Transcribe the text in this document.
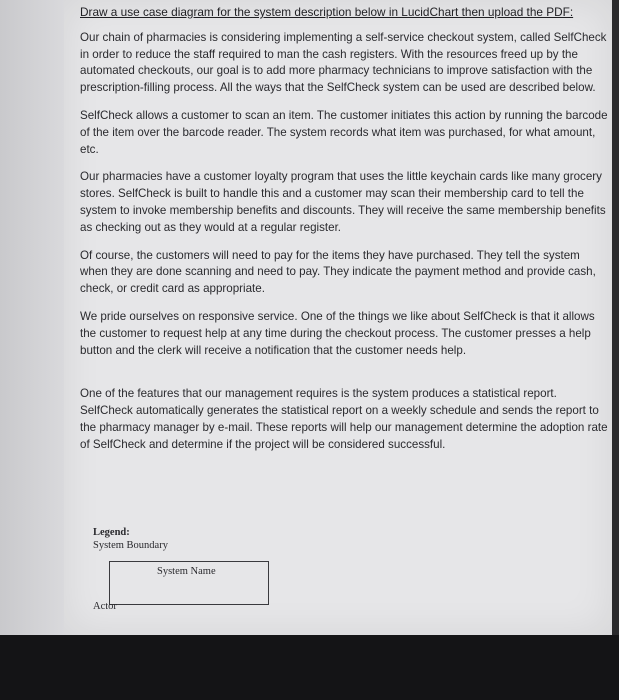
Draw a use case diagram for the system description below in LucidChart then upload the PDF:

Our chain of pharmacies is considering implementing a self-service checkout system, called SelfCheck in order to reduce the staff required to man the cash registers. With the resources freed up by the automated checkouts, our goal is to add more pharmacy technicians to improve satisfaction with the prescription-filling process. All the ways that the SelfCheck system can be used are described below.

SelfCheck allows a customer to scan an item. The customer initiates this action by running the barcode of the item over the barcode reader. The system records what item was purchased, for what amount, etc.

Our pharmacies have a customer loyalty program that uses the little keychain cards like many grocery stores. SelfCheck is built to handle this and a customer may scan their membership card to tell the system to invoke membership benefits and discounts. They will receive the same membership benefits as checking out as they would at a regular register.

Of course, the customers will need to pay for the items they have purchased. They tell the system when they are done scanning and need to pay. They indicate the payment method and provide cash, check, or credit card as appropriate.

We pride ourselves on responsive service. One of the things we like about SelfCheck is that it allows the customer to request help at any time during the checkout process. The customer presses a help button and the clerk will receive a notification that the customer needs help.

One of the features that our management requires is the system produces a statistical report. SelfCheck automatically generates the statistical report on a weekly schedule and sends the report to the pharmacy manager by e-mail. These reports will help our management determine the adoption rate of SelfCheck and determine if the project will be considered successful.

Legend:
System Boundary
System Name
Actor
